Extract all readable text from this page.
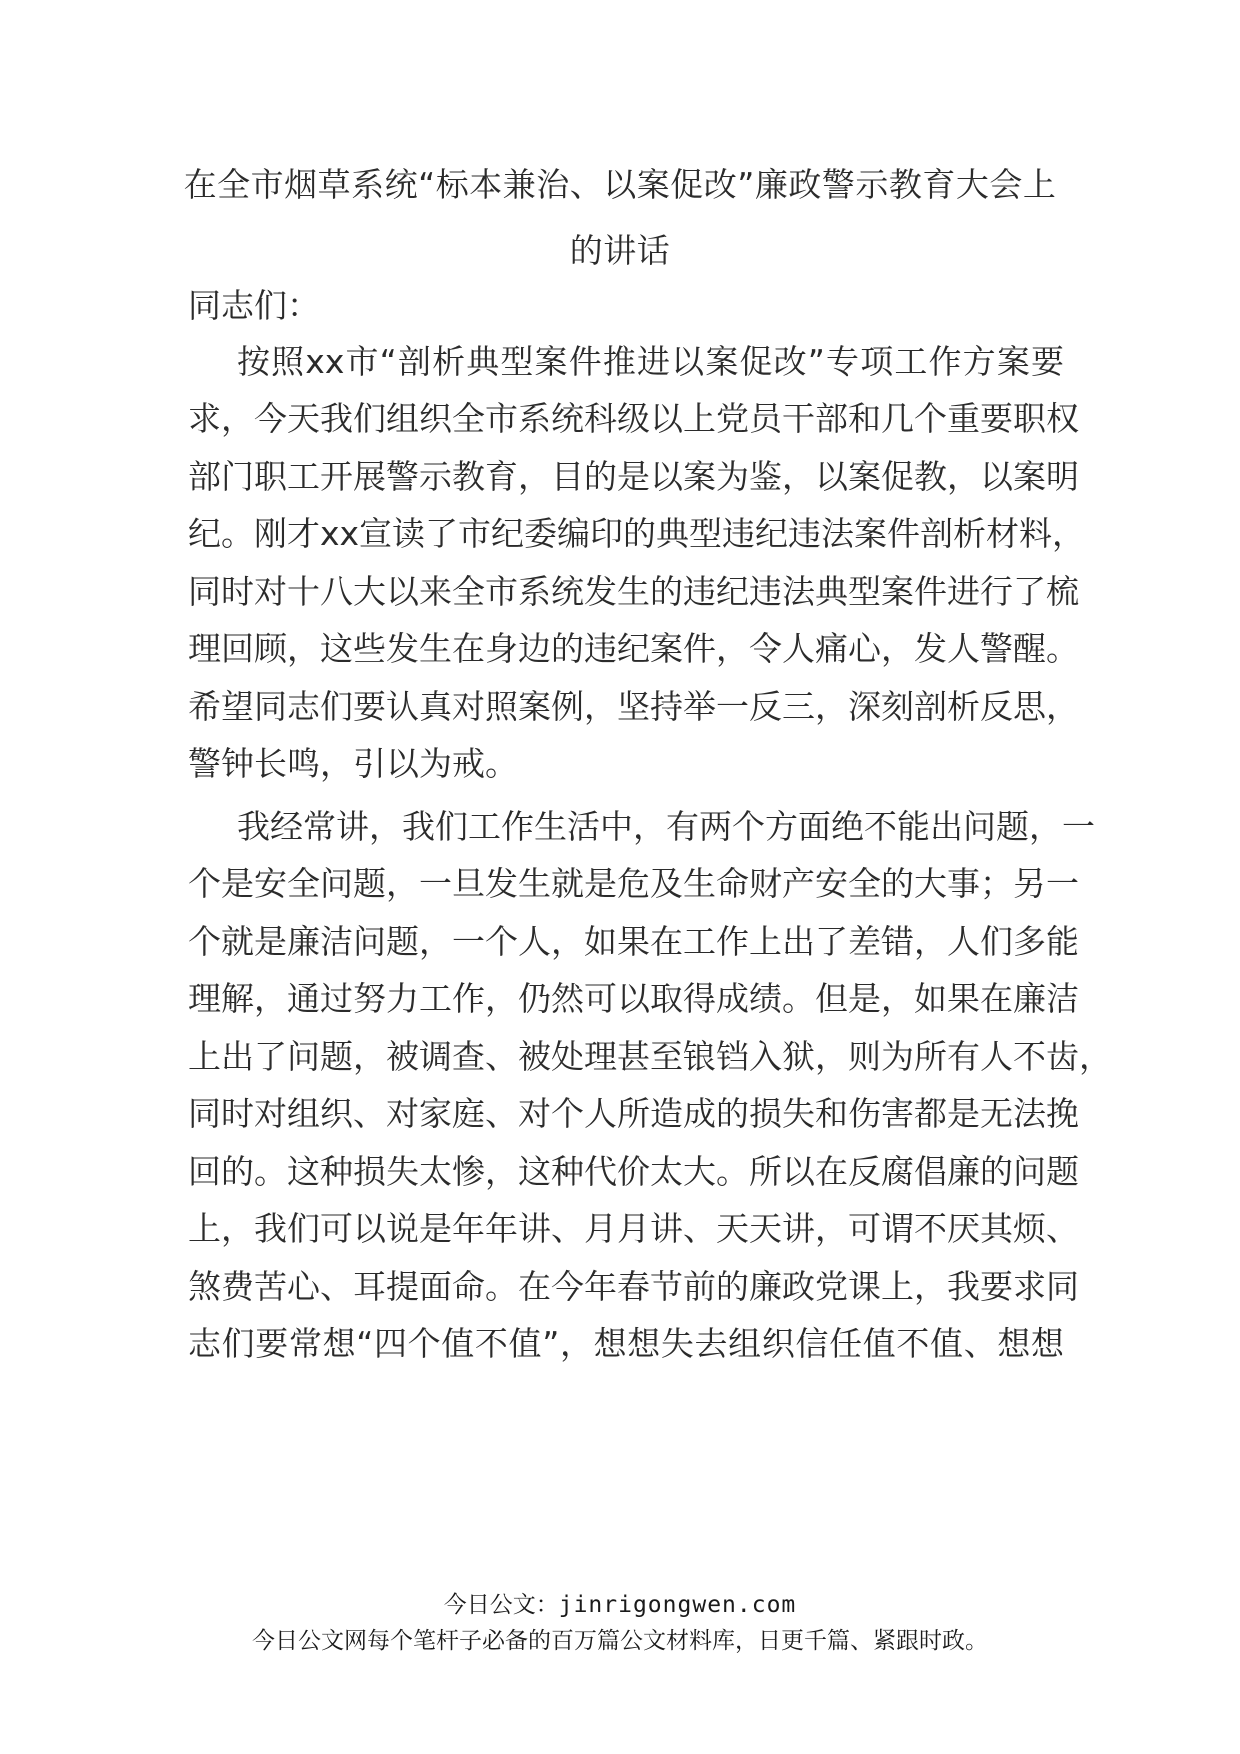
在全市烟草系统“标本兼治、以案促改”廉政警示教育大会上
的讲话
同志们：
按照xx市“剖析典型案件推进以案促改”专项工作方案要
求，今天我们组织全市系统科级以上党员干部和几个重要职权
部门职工开展警示教育，目的是以案为鉴，以案促教，以案明
纪。刚才xx宣读了市纪委编印的典型违纪违法案件剖析材料，
同时对十八大以来全市系统发生的违纪违法典型案件进行了梳
理回顾，这些发生在身边的违纪案件，令人痛心，发人警醒。
希望同志们要认真对照案例，坚持举一反三，深刻剖析反思，
警钟长鸣，引以为戒。
我经常讲，我们工作生活中，有两个方面绝不能出问题，一
个是安全问题，一旦发生就是危及生命财产安全的大事；另一
个就是廉洁问题，一个人，如果在工作上出了差错，人们多能
理解，通过努力工作，仍然可以取得成绩。但是，如果在廉洁
上出了问题，被调查、被处理甚至锒铛入狱，则为所有人不齿，
同时对组织、对家庭、对个人所造成的损失和伤害都是无法挽
回的。这种损失太惨，这种代价太大。所以在反腐倡廉的问题
上，我们可以说是年年讲、月月讲、天天讲，可谓不厌其烦、
煞费苦心、耳提面命。在今年春节前的廉政党课上，我要求同
志们要常想“四个值不值”，想想失去组织信任值不值、想想
今日公文：jinrigongwen.com
今日公文网每个笔杆子必备的百万篇公文材料库，日更千篇、紧跟时政。
